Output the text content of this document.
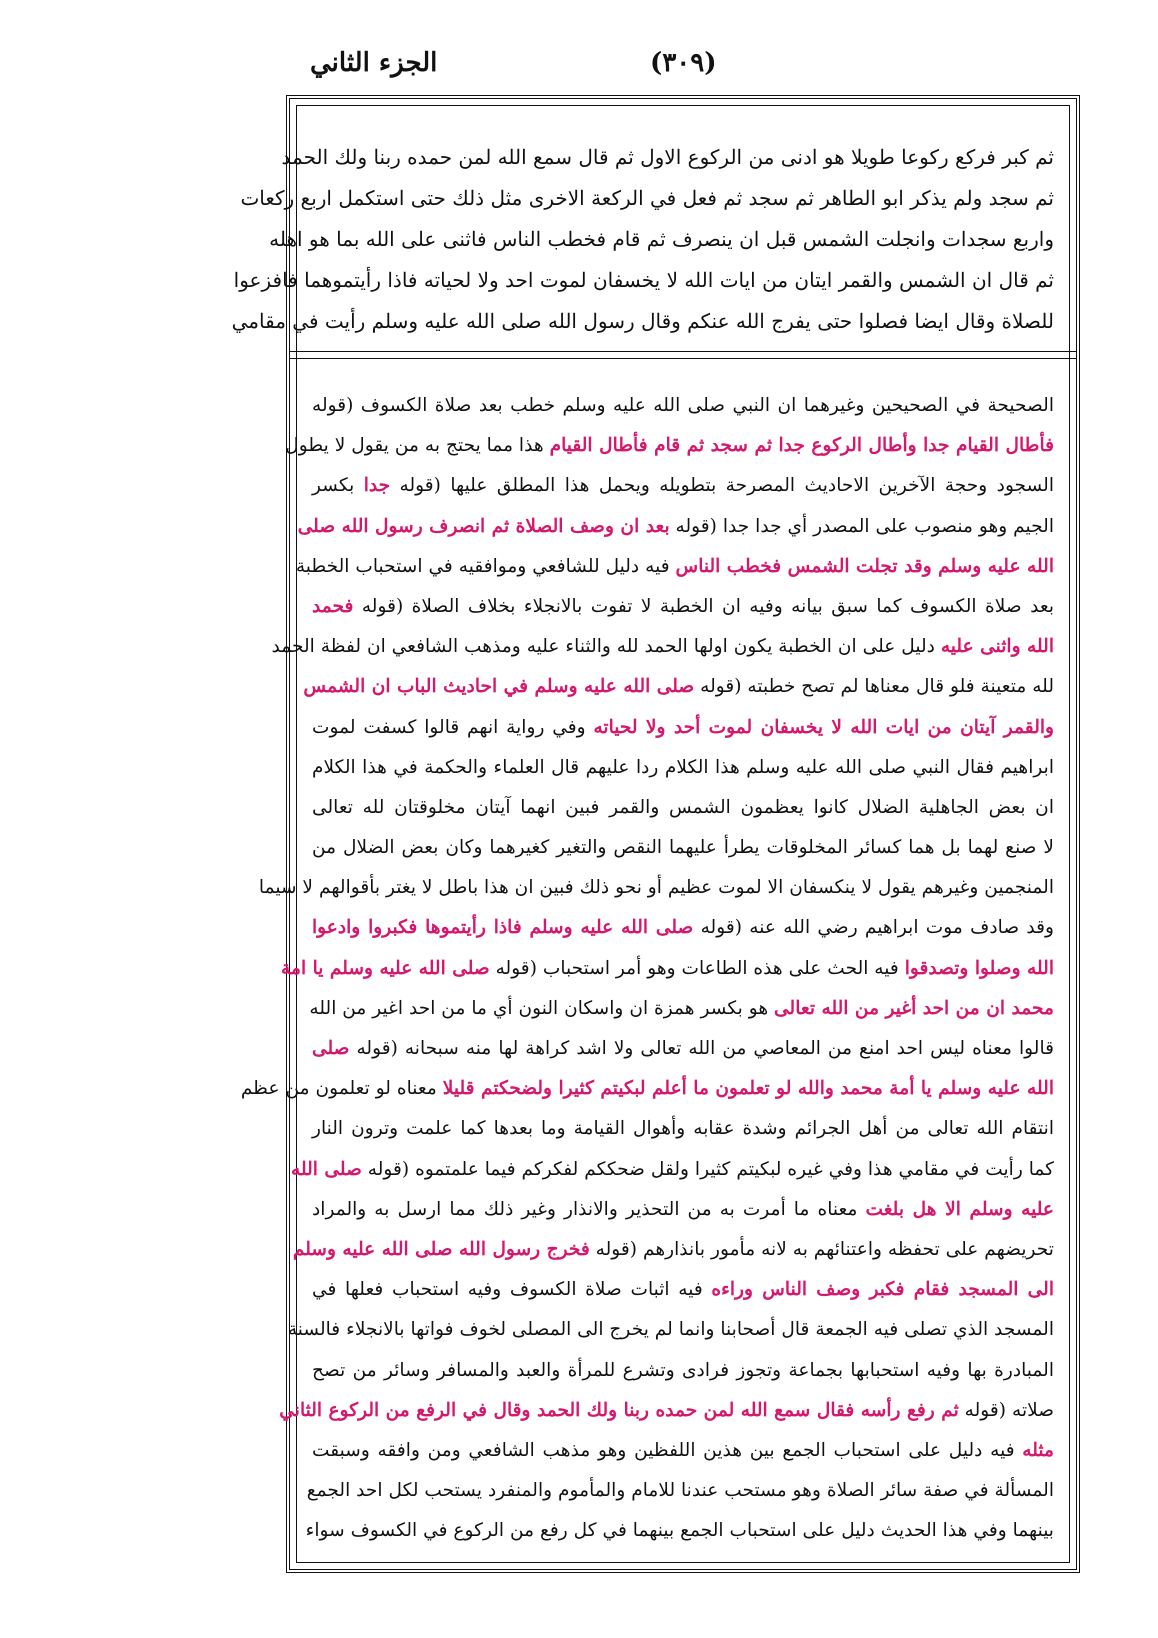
الجزء الثاني	(٣٠٩)
ثم كبر فركع ركوعا طويلا هو ادنى من الركوع الاول ثم قال سمع الله لمن حمده ربنا ولك الحمد
ثم سجد ولم يذكر ابو الطاهر ثم سجد ثم فعل في الركعة الاخرى مثل ذلك حتى استكمل اربع ركعات
واربع سجدات وانجلت الشمس قبل ان ينصرف ثم قام فخطب الناس فاثنى على الله بما هو اهله
ثم قال ان الشمس والقمر ايتان من ايات الله لا يخسفان لموت احد ولا لحياته فاذا رأيتموهما فافزعوا
للصلاة وقال ايضا فصلوا حتى يفرج الله عنكم وقال رسول الله صلى الله عليه وسلم رأيت في مقامي
الصحيحة في الصحيحين وغيرهما ان النبي صلى الله عليه وسلم خطب بعد صلاة الكسوف (قوله
فأطال القيام جدا وأطال الركوع جدا ثم سجد ثم قام فأطال القيام هذا مما يحتج به من يقول لا يطول
السجود وحجة الآخرين الاحاديث المصرحة بتطويله ويحمل هذا المطلق عليها (قوله جدا بكسر
الجيم وهو منصوب على المصدر أي جدا جدا (قوله بعد ان وصف الصلاة ثم انصرف رسول الله صلى
الله عليه وسلم وقد تجلت الشمس فخطب الناس فيه دليل للشافعي وموافقيه في استحباب الخطبة
بعد صلاة الكسوف كما سبق بيانه وفيه ان الخطبة لا تفوت بالانجلاء بخلاف الصلاة (قوله فحمد
الله واثنى عليه دليل على ان الخطبة يكون اولها الحمد لله والثناء عليه ومذهب الشافعي ان لفظة الحمد
لله متعينة فلو قال معناها لم تصح خطبته (قوله صلى الله عليه وسلم في احاديث الباب ان الشمس
والقمر آيتان من ايات الله لا يخسفان لموت أحد ولا لحياته وفي رواية انهم قالوا كسفت لموت
ابراهيم فقال النبي صلى الله عليه وسلم هذا الكلام ردا عليهم قال العلماء والحكمة في هذا الكلام
ان بعض الجاهلية الضلال كانوا يعظمون الشمس والقمر فبين انهما آيتان مخلوقتان لله تعالى
لا صنع لهما بل هما كسائر المخلوقات يطرأ عليهما النقص والتغير كغيرهما وكان بعض الضلال من
المنجمين وغيرهم يقول لا ينكسفان الا لموت عظيم أو نحو ذلك فبين ان هذا باطل لا يغتر بأقوالهم لا سيما
وقد صادف موت ابراهيم رضي الله عنه (قوله صلى الله عليه وسلم فاذا رأيتموها فكبروا وادعوا
الله وصلوا وتصدقوا فيه الحث على هذه الطاعات وهو أمر استحباب (قوله صلى الله عليه وسلم يا امة
محمد ان من احد أغير من الله تعالى هو بكسر همزة ان واسكان النون أي ما من احد اغير من الله
قالوا معناه ليس احد امنع من المعاصي من الله تعالى ولا اشد كراهة لها منه سبحانه (قوله صلى
الله عليه وسلم يا أمة محمد والله لو تعلمون ما أعلم لبكيتم كثيرا ولضحكتم قليلا معناه لو تعلمون من عظم
انتقام الله تعالى من أهل الجرائم وشدة عقابه وأهوال القيامة وما بعدها كما علمت وترون النار
كما رأيت في مقامي هذا وفي غيره لبكيتم كثيرا ولقل ضحككم لفكركم فيما علمتموه (قوله صلى الله
عليه وسلم الا هل بلغت معناه ما أمرت به من التحذير والانذار وغير ذلك مما ارسل به والمراد
تحريضهم على تحفظه واعتنائهم به لانه مأمور بانذارهم (قوله فخرج رسول الله صلى الله عليه وسلم
الى المسجد فقام فكبر وصف الناس وراءه فيه اثبات صلاة الكسوف وفيه استحباب فعلها في
المسجد الذي تصلى فيه الجمعة قال أصحابنا وانما لم يخرج الى المصلى لخوف فواتها بالانجلاء فالسنة
المبادرة بها وفيه استحبابها بجماعة وتجوز فرادى وتشرع للمرأة والعبد والمسافر وسائر من تصح
صلاته (قوله ثم رفع رأسه فقال سمع الله لمن حمده ربنا ولك الحمد وقال في الرفع من الركوع الثاني
مثله فيه دليل على استحباب الجمع بين هذين اللفظين وهو مذهب الشافعي ومن وافقه وسبقت
المسألة في صفة سائر الصلاة وهو مستحب عندنا للامام والمأموم والمنفرد يستحب لكل احد الجمع
بينهما وفي هذا الحديث دليل على استحباب الجمع بينهما في كل رفع من الركوع في الكسوف سواء
